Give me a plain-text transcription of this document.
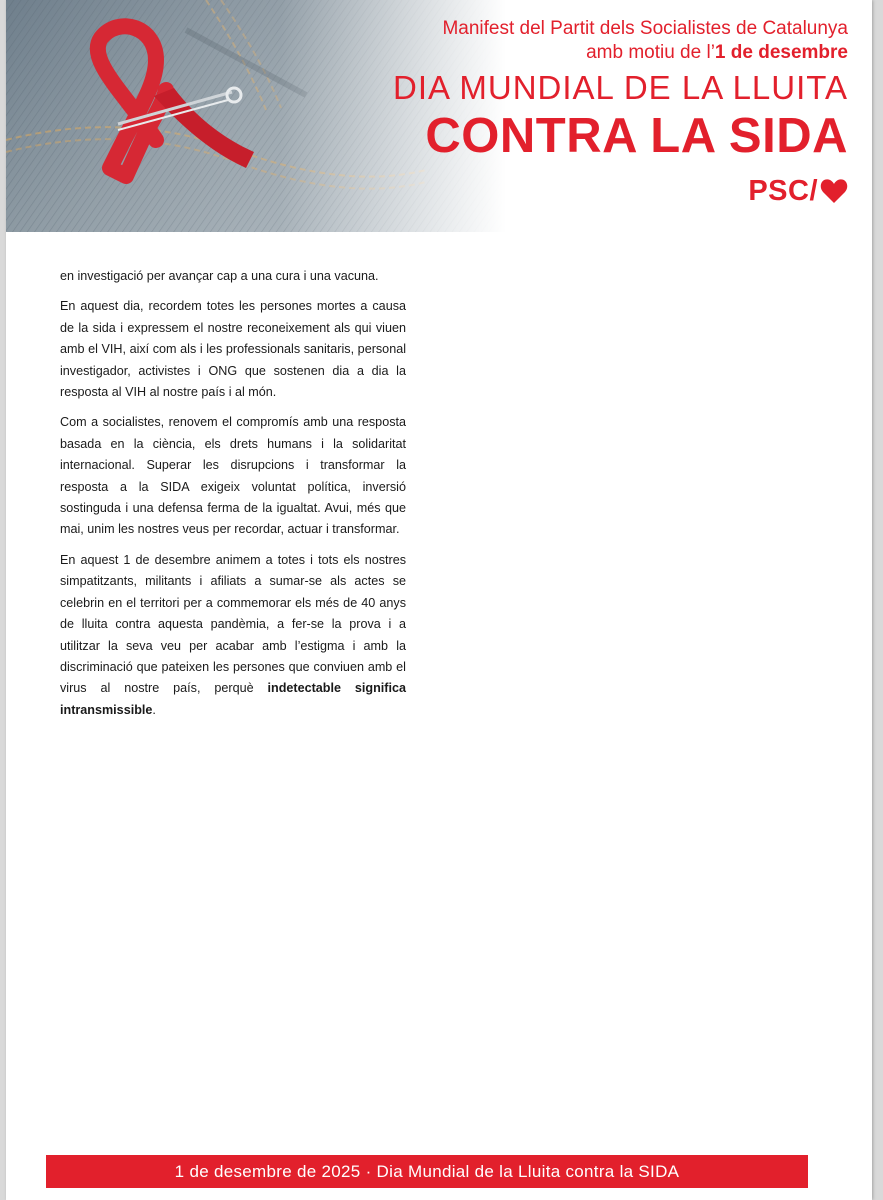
Manifest del Partit dels Socialistes de Catalunya
amb motiu de l’1 de desembre
DIA MUNDIAL DE LA LLUITA
CONTRA LA SIDA
PSC/

en investigació per avançar cap a una cura i una vacuna.

En aquest dia, recordem totes les persones mortes a causa de la sida i expressem el nostre reconeixement als qui viuen amb el VIH, així com als i les professionals sanitaris, personal investigador, activistes i ONG que sostenen dia a dia la resposta al VIH al nostre país i al món.

Com a socialistes, renovem el compromís amb una resposta basada en la ciència, els drets humans i la solidaritat internacional. Superar les disrupcions i transformar la resposta a la SIDA exigeix voluntat política, inversió sostinguda i una defensa ferma de la igualtat. Avui, més que mai, unim les nostres veus per recordar, actuar i transformar.

En aquest 1 de desembre animem a totes i tots els nostres simpatitzants, militants i afiliats a sumar-se als actes se celebrin en el territori per a commemorar els més de 40 anys de lluita contra aquesta pandèmia, a fer-se la prova i a utilitzar la seva veu per acabar amb l’estigma i amb la discriminació que pateixen les persones que conviuen amb el virus al nostre país, perquè indetectable significa intransmissible.

1 de desembre de 2025 · Dia Mundial de la Lluita contra la SIDA
